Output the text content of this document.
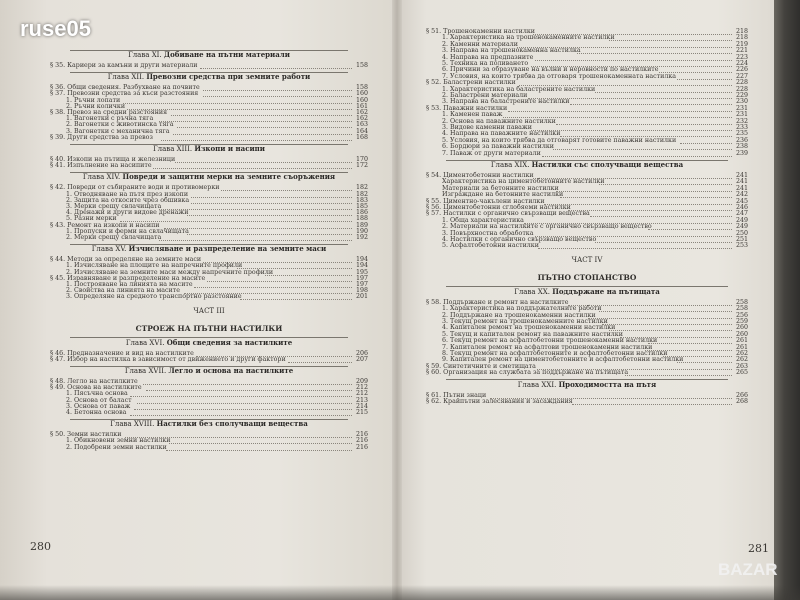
Глава XI. Добиване на пътни материали
§ 35. Кариери за камъни и други материали	158
Глава XII. Превозни средства при земните работи
§ 36. Общи сведения. Разбухване на почвите	158
§ 37. Превозни средства за къси разстояния	160
1. Ръчни лопати	160
2. Ръчни колички	161
§ 38. Превоз на средни разстояния	162
1. Вагонетки с ръчна тяга	162
2. Вагонетки с животинска тяга	163
3. Вагонетки с механична тяга	164
§ 39. Други средства за превоз	168
Глава XIII. Изкопи и насипи
§ 40. Изкопи на пътища и железници	170
§ 41. Изпълнение на насипите	172
Глава XIV. Поврeди и защитни мерки на земните съоръжения
§ 42. Повреди от събираните води и противомерки	182
1. Отводняване на пътя през изкопи	182
2. Защита на откосите чрез обшивка	183
3. Мерки срещу свлачищата	185
4. Дренажи и други видове дренажи	186
5. Разни мерки	188
§ 43. Ремонт на изкопи и насипи	189
1. Пропуски и ферми на свлачищата	190
2. Мерки срещу свлачищата	192
Глава XV. Изчисляване и разпределение на земните маси
§ 44. Методи за определяне на земните маси	194
1. Изчисляване на площите на напречните профили	194
2. Изчисляване на земните маси между напречните профили	195
§ 45. Изравняване и разпределение на масите	197
1. Построяване на линията на масите	197
2. Свойства на линията на масите	198
3. Определяне на средното транспортно разстояние	201
ЧАСТ III
СТРОЕЖ НА ПЪТНИ НАСТИЛКИ
Глава XVI. Общи сведения за настилките
§ 46. Предназначение и вид на настилките	206
§ 47. Избор на настилка в зависимост от движението и други фактори	207
Глава XVII. Легло и основа на настилките
§ 48. Легло на настилките	209
§ 49. Основа на настилките	212
1. Пясъчна основа	212
2. Основа от баласт	213
3. Основа от паваж	214
4. Бетонна основа	215
Глава XVIII. Настилки без сполучващи вещества
§ 50. Земни настилки	216
1. Обикновени земни настилки	216
2. Подобрени земни настилки	216
§ 51. Трошенокаменни настилки	218
1. Характеристика на трошенокаменните настилки	218
2. Каменни материали	219
3. Направа на трошенокаменна настилка	221
4. Направа на предпазните	223
5. Техника на поливането	224
6. Причини за образуване на вълни и неровности по настилките	226
7. Условия, на които трябва да отговаря трошенокаменната настилка	227
§ 52. Баластрени настилки	228
1. Характеристика на баластрените настилки	228
2. Баластрени материали	229
3. Направа на баластрените настилки	230
§ 53. Паважни настилки	231
1. Каменен паваж	231
2. Основа на паважните настилки	232
3. Видове каменни паважи	233
4. Направа на паважните настилки	235
5. Условия, на които трябва да отговарят готовите паважни настилки	236
6. Бордюри за паважни настилки	238
7. Паваж от други материали	239
Глава XIX. Настилки със сполучващи вещества
§ 54. Циментобетонни настилки	241
Характеристика на циментобетонните настилки	241
Материали за бетонните настилки	241
Изграждане на бетонните настилки	242
§ 55. Циментно-чакълени настилки	245
§ 56. Циментобетонни сглобяеми настилки	246
§ 57. Настилки с органично свързващи вещества	247
1. Обща характеристика	249
2. Материали на настилките с органично свързващо вещество	249
3. Повърхностна обработка	250
4. Настилки с органично свързващо вещество	251
5. Асфалтобетонни настилки	253
ЧАСТ IV
ПЪТНО СТОПАНСТВО
Глава XX. Поддържане на пътищата
§ 58. Поддържане и ремонт на настилките	258
1. Характеристика на поддържателните работи	258
2. Поддържане на трошенокаменни настилки	256
3. Текущ ремонт на трошенокаменните настилки	259
4. Капитален ремонт на трошенокаменни настилки	260
5. Текущ и капитален ремонт на паважните настилки	260
6. Текущ ремонт на асфалтобетонни трошенокаменни настилки	261
7. Капитален ремонт на асфалтови трошенокаменни настилки	261
8. Текущ ремонт на асфалтобетонните и асфалтобетонни настилки	262
9. Капитален ремонт на циментобетонните и асфалтобетонни настилки	262
§ 59. Синтетичните и сметищата	263
§ 60. Организация на службата за поддържане на пътищата	265
Глава XXI. Проходимостта на пътя
§ 61. Пътни знаци	266
§ 62. Крайпътни залесявания и засаждания	268
280	281
ruse05
BAZAR
